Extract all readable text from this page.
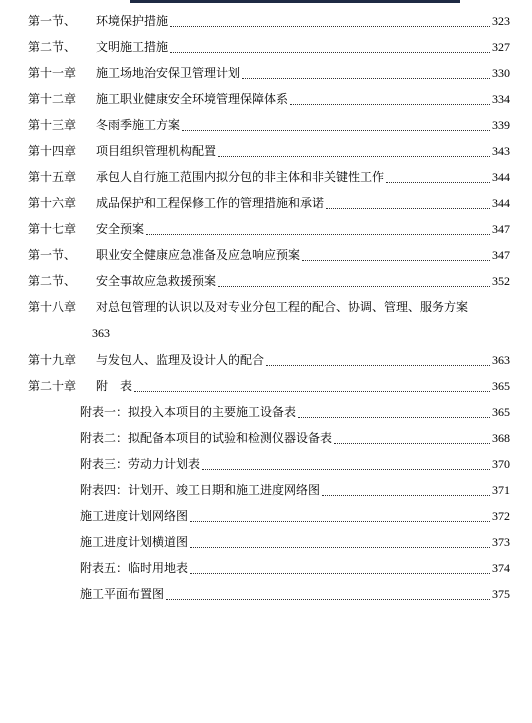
第一节、 环境保护措施	323
第二节、 文明施工措施	327
第十一章 施工场地治安保卫管理计划	330
第十二章 施工职业健康安全环境管理保障体系	334
第十三章 冬雨季施工方案	339
第十四章 项目组织管理机构配置	343
第十五章 承包人自行施工范围内拟分包的非主体和非关键性工作	344
第十六章 成品保护和工程保修工作的管理措施和承诺	344
第十七章 安全预案	347
第一节、 职业安全健康应急准备及应急响应预案	347
第二节、 安全事故应急救援预案	352
第十八章 对总包管理的认识以及对专业分包工程的配合、协调、管理、服务方案
363
第十九章 与发包人、监理及设计人的配合	363
第二十章 附　表	365
附表一：拟投入本项目的主要施工设备表	365
附表二：拟配备本项目的试验和检测仪器设备表	368
附表三：劳动力计划表	370
附表四：计划开、竣工日期和施工进度网络图	371
施工进度计划网络图	372
施工进度计划横道图	373
附表五：临时用地表	374
施工平面布置图	375
